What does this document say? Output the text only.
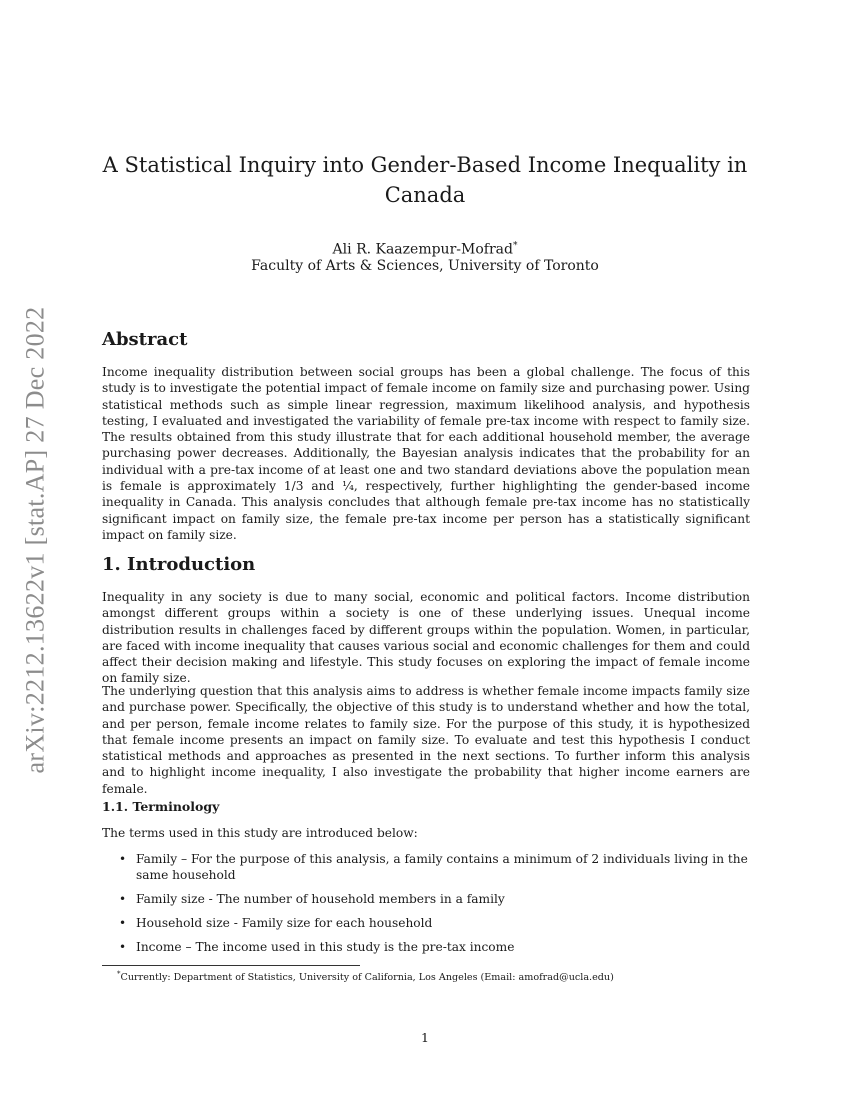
arXiv:2212.13622v1 [stat.AP] 27 Dec 2022
A Statistical Inquiry into Gender-Based Income Inequality in Canada
Ali R. Kaazempur-Mofrad*
Faculty of Arts & Sciences, University of Toronto
Abstract

Income inequality distribution between social groups has been a global challenge. The focus of this study is to investigate the potential impact of female income on family size and purchasing power. Using statistical methods such as simple linear regression, maximum likelihood analysis, and hypothesis testing, I evaluated and investigated the variability of female pre-tax income with respect to family size. The results obtained from this study illustrate that for each additional household member, the average purchasing power decreases. Additionally, the Bayesian analysis indicates that the probability for an individual with a pre-tax income of at least one and two standard deviations above the population mean is female is approximately 1/3 and ¼, respectively, further highlighting the gender-based income inequality in Canada. This analysis concludes that although female pre-tax income has no statistically significant impact on family size, the female pre-tax income per person has a statistically significant impact on family size.

1. Introduction

Inequality in any society is due to many social, economic and political factors. Income distribution amongst different groups within a society is one of these underlying issues. Unequal income distribution results in challenges faced by different groups within the population. Women, in particular, are faced with income inequality that causes various social and economic challenges for them and could affect their decision making and lifestyle. This study focuses on exploring the impact of female income on family size.

The underlying question that this analysis aims to address is whether female income impacts family size and purchase power. Specifically, the objective of this study is to understand whether and how the total, and per person, female income relates to family size. For the purpose of this study, it is hypothesized that female income presents an impact on family size. To evaluate and test this hypothesis I conduct statistical methods and approaches as presented in the next sections. To further inform this analysis and to highlight income inequality, I also investigate the probability that higher income earners are female.

1.1. Terminology

The terms used in this study are introduced below:

• Family – For the purpose of this analysis, a family contains a minimum of 2 individuals living in the same household
• Family size - The number of household members in a family
• Household size - Family size for each household
• Income – The income used in this study is the pre-tax income
*Currently: Department of Statistics, University of California, Los Angeles (Email: amofrad@ucla.edu)
1
